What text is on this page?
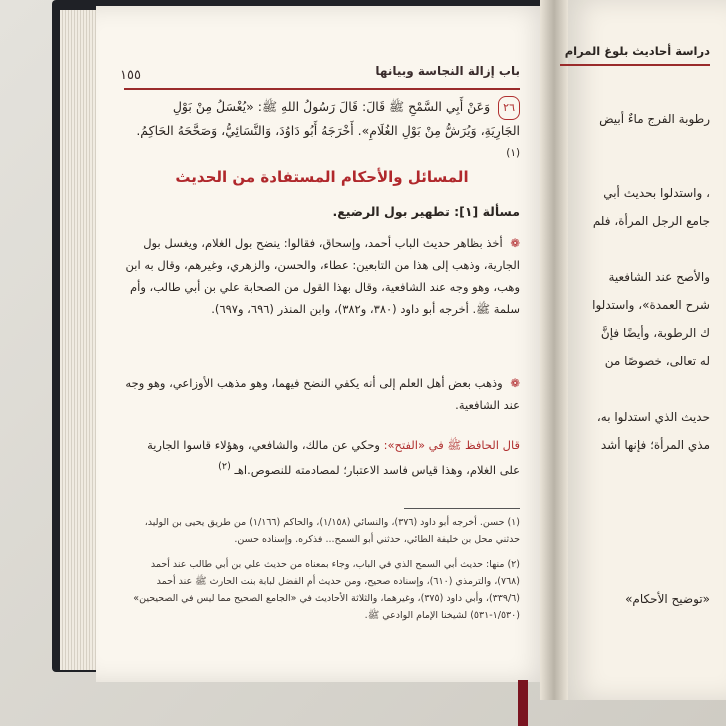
باب إزالة النجاسة وبيانها
١٥٥
٢٦ وَعَنْ أَبِي السَّمْحِ ﷺ قَالَ: قَالَ رَسُولُ اللهِ ﷺ: «يُغْسَلُ مِنْ بَوْلِ
الجَارِيَةِ، وَيُرَشُّ مِنْ بَوْلِ الغُلَامِ». أَخْرَجَهُ أَبُو دَاوُدَ، وَالنَّسَائِيُّ، وَصَحَّحَهُ الحَاكِمُ. $^{(١)}$
المسائل والأحكام المستفادة من الحديث
مسألة [١]: تطهير بول الرضيع.
❁ أخذ بظاهر حديث الباب أحمد، وإسحاق، فقالوا: ينضح بول الغلام، ويغسل بول الجارية، وذهب إلى هذا من التابعين: عطاء، والحسن، والزهري، وغيرهم، وقال به ابن وهب، وهو وجه عند الشافعية، وقال بهذا القول من الصحابة علي بن أبي طالب، وأم سلمة ﷺ. أخرجه أبو داود (٣٨٠، و٣٨٢)، وابن المنذر (٦٩٦، و٦٩٧).
❁ وذهب بعض أهل العلم إلى أنه يكفي النضح فيهما، وهو مذهب الأوزاعي، وهو وجه عند الشافعية.
قال الحافظ ﷺ في «الفتح»: وحكي عن مالك، والشافعي، وهؤلاء قاسوا الجارية على الغلام، وهذا قياس فاسد الاعتبار؛ لمصادمته للنصوص.اهـ $^{(٢)}$
(١) حسن. أخرجه أبو داود (٣٧٦)، والنسائي (١/١٥٨)، والحاكم (١/١٦٦) من طريق يحيى بن الوليد، حدثني محل بن خليفة الطائي، حدثني أبو السمح... فذكره. وإسناده حسن.
(٢) منها: حديث أبي السمح الذي في الباب، وجاء بمعناه من حديث علي بن أبي طالب عند أحمد (٧٦٨)، والترمذي (٦١٠)، وإسناده صحيح، ومن حديث أم الفضل لبابة بنت الحارث ﷺ عند أحمد (٣٣٩/٦)، وأبي داود (٣٧٥)، وغيرهما، والثلاثة الأحاديث في «الجامع الصحيح مما ليس في الصحيحين» (١/٥٣٠-٥٣١) لشيخنا الإمام الوادعي ﷺ.
دراسة أحاديث بلوغ المرام
رطوبة الفرج ماءٌ أبيض
، واستدلوا بحديث أبي
جامع الرجل المرأة، فلم
والأصح عند الشافعية
شرح العمدة»، واستدلوا
ك الرطوبة، وأيضًا فإنَّ
له تعالى، خصوصًا من
حديث الذي استدلوا به،
مذي المرأة؛ فإنها أشد
«توضيح الأحكام»
